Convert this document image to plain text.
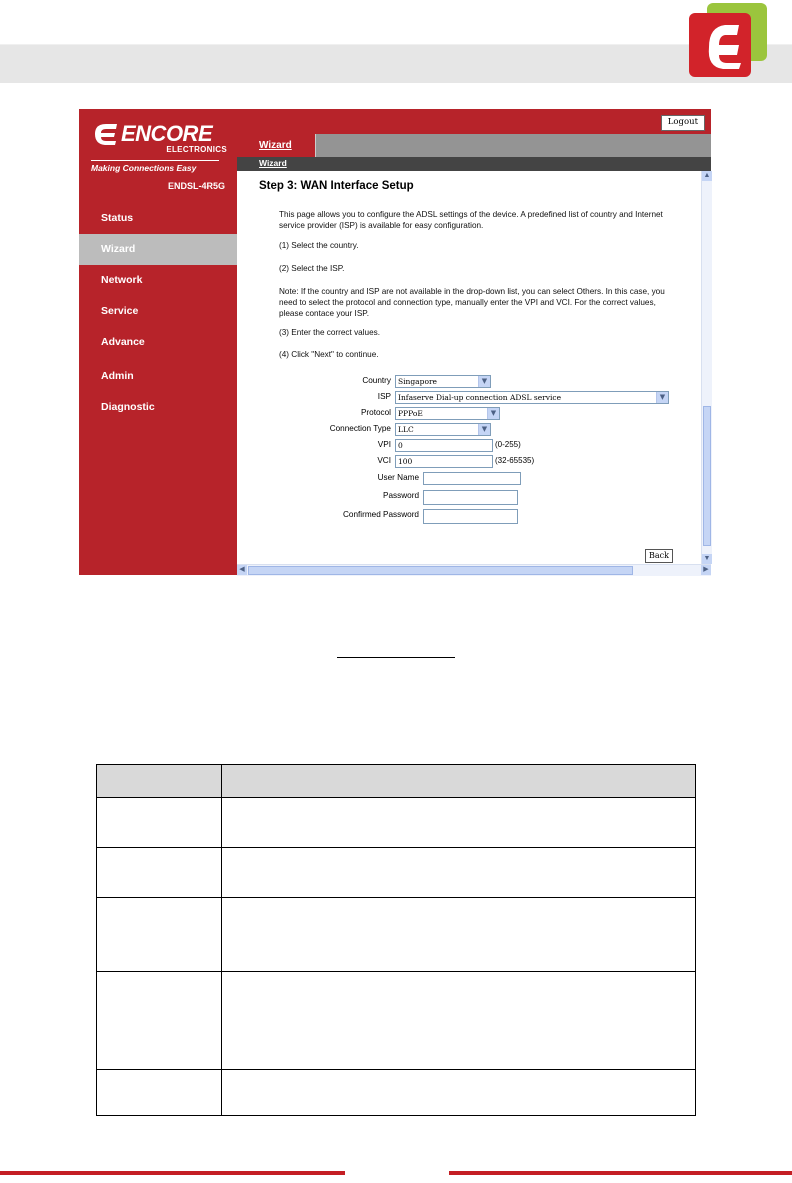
ENCORE
ELECTRONICS
Making Connections Easy
ENDSL-4R5G
Status
Wizard
Network
Service
Advance
Admin
Diagnostic
Logout
Wizard
Wizard
Step 3: WAN Interface Setup
This page allows you to configure the ADSL settings of the device. A predefined list of country and Internet service provider (ISP) is available for easy configuration.
(1) Select the country.
(2) Select the ISP.
Note: If the country and ISP are not available in the drop-down list, you can select Others. In this case, you need to select the protocol and connection type, manually enter the VPI and VCI. For the correct values, please contace your ISP.
(3) Enter the correct values.
(4) Click "Next" to continue.
Country Singapore	▼
ISP Infaserve Dial-up connection ADSL service	▼
Protocol PPPoE	▼
Connection Type LLC	▼
VPI 0	(0-255)
VCI 100	(32-65535)
User Name
Password
Confirmed Password
Back
▲
▼
◀	▶
